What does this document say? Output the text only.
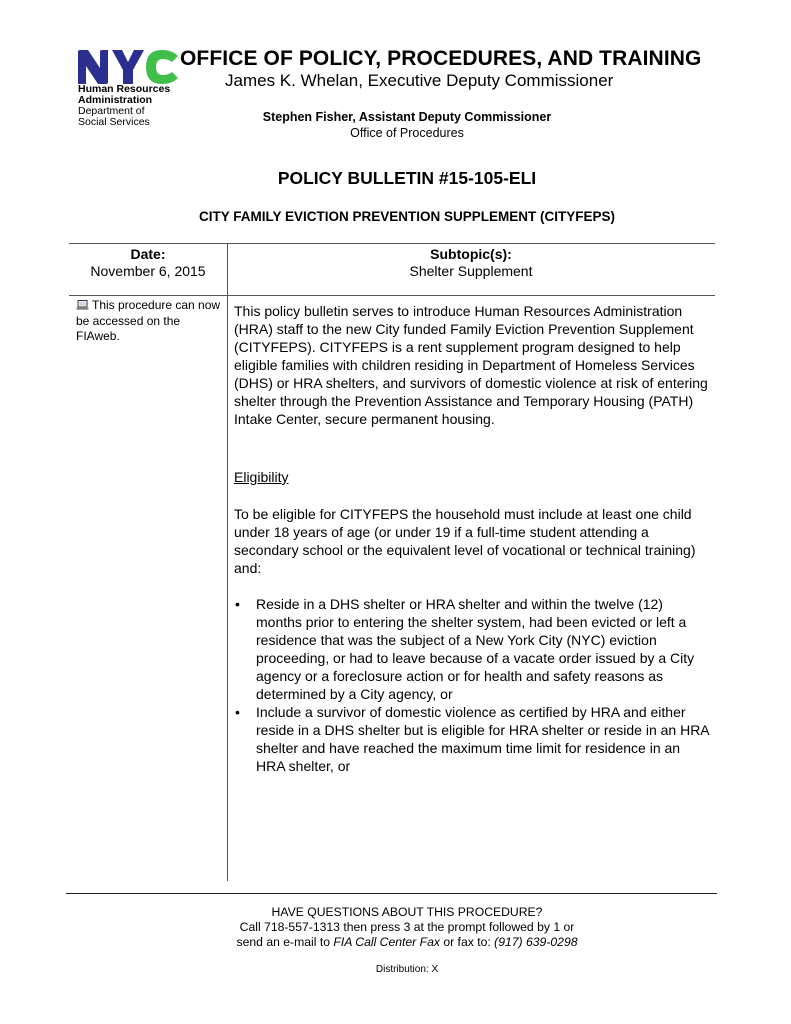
Human Resources
Administration
Department of
Social Services
OFFICE OF POLICY, PROCEDURES, AND TRAINING
James K. Whelan, Executive Deputy Commissioner
Stephen Fisher, Assistant Deputy Commissioner
Office of Procedures
POLICY BULLETIN #15-105-ELI
CITY FAMILY EVICTION PREVENTION SUPPLEMENT (CITYFEPS)
Date:
November 6, 2015
Subtopic(s):
Shelter Supplement
This procedure can now be accessed on the FIAweb.
This policy bulletin serves to introduce Human Resources Administration (HRA) staff to the new City funded Family Eviction Prevention Supplement (CITYFEPS). CITYFEPS is a rent supplement program designed to help eligible families with children residing in Department of Homeless Services (DHS) or HRA shelters, and survivors of domestic violence at risk of entering shelter through the Prevention Assistance and Temporary Housing (PATH) Intake Center, secure permanent housing.
Eligibility
To be eligible for CITYFEPS the household must include at least one child under 18 years of age (or under 19 if a full-time student attending a secondary school or the equivalent level of vocational or technical training) and:
• Reside in a DHS shelter or HRA shelter and within the twelve (12) months prior to entering the shelter system, had been evicted or left a residence that was the subject of a New York City (NYC) eviction proceeding, or had to leave because of a vacate order issued by a City agency or a foreclosure action or for health and safety reasons as determined by a City agency, or
• Include a survivor of domestic violence as certified by HRA and either reside in a DHS shelter but is eligible for HRA shelter or reside in an HRA shelter and have reached the maximum time limit for residence in an HRA shelter, or
HAVE QUESTIONS ABOUT THIS PROCEDURE?
Call 718-557-1313 then press 3 at the prompt followed by 1 or
send an e-mail to FIA Call Center Fax or fax to: (917) 639-0298
Distribution: X
